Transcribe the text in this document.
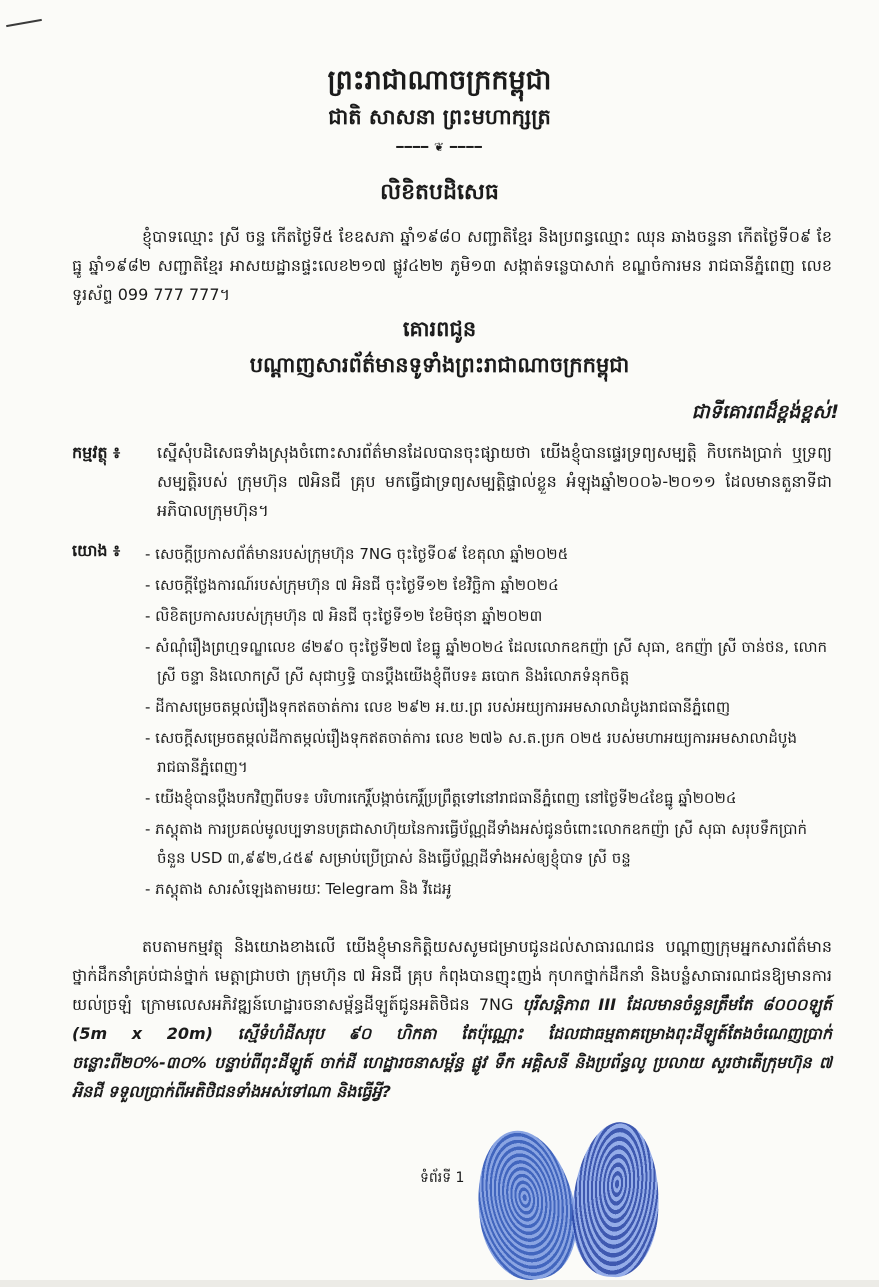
ព្រះរាជាណាចក្រកម្ពុជា
ជាតិ សាសនា ព្រះមហាក្សត្រ
━━━━ ❦ ━━━━
លិខិតបដិសេធ
ខ្ញុំបាទឈ្មោះ ស្រី ចន្ទ កើតថ្ងៃទី៥ ខែឧសភា ឆ្នាំ១៩៨០ សញ្ជាតិខ្មែរ និងប្រពន្ធឈ្មោះ ឈុន ឆាងចន្ទនា កើតថ្ងៃទី០៩ ខែធ្នូ ឆ្នាំ១៩៨២ សញ្ជាតិខ្មែរ អាសយដ្ឋានផ្ទះលេខ២១៧ ផ្លូវ៤២២ ភូមិ១៣ សង្កាត់ទន្លេបាសាក់ ខណ្ឌចំការមន រាជធានីភ្នំពេញ លេខទូរស័ព្ទ 099 777 777។
គោរពជូន
បណ្តាញសារព័ត៌មានទូទាំងព្រះរាជាណាចក្រកម្ពុជា
ជាទីគោរពដ៏ខ្ពង់ខ្ពស់!
កម្មវត្ថុ ៖ ស្នើសុំបដិសេធទាំងស្រុងចំពោះសារព័ត៌មានដែលបានចុះផ្សាយថា យើងខ្ញុំបានផ្ទេរទ្រព្យសម្បត្តិ កិបកេងប្រាក់ ឬទ្រព្យសម្បត្តិរបស់ ក្រុមហ៊ុន ៧អិនជី គ្រុប មកធ្វើជាទ្រព្យសម្បត្តិផ្ទាល់ខ្លួន អំឡុងឆ្នាំ២០០៦-២០១១ ដែលមានតួនាទីជាអភិបាលក្រុមហ៊ុន។
យោង ៖ - សេចក្តីប្រកាសព័ត៌មានរបស់ក្រុមហ៊ុន 7NG ចុះថ្ងៃទី០៩ ខែតុលា ឆ្នាំ២០២៥
- សេចក្តីថ្លែងការណ៍របស់ក្រុមហ៊ុន ៧ អិនជី ចុះថ្ងៃទី១២ ខែវិច្ឆិកា ឆ្នាំ២០២៤
- លិខិតប្រកាសរបស់ក្រុមហ៊ុន ៧ អិនជី ចុះថ្ងៃទី១២ ខែមិថុនា ឆ្នាំ២០២៣
- សំណុំរឿងព្រហ្មទណ្ឌលេខ ៨២៩០ ចុះថ្ងៃទី២៧ ខែធ្នូ ឆ្នាំ២០២៤ ដែលលោកឧកញ៉ា ស្រី សុធា, ឧកញ៉ា ស្រី ចាន់ថន, លោក ស្រី ចន្ទា និងលោកស្រី ស្រី សុជាឫទ្ធិ បានប្តឹងយើងខ្ញុំពីបទ៖ ឆបោក និងរំលោភទំនុកចិត្ត
- ដីកាសម្រេចតម្កល់រឿងទុកឥតចាត់ការ លេខ ២៩២ អ.យ.ព្រ របស់អយ្យការអមសាលាដំបូងរាជធានីភ្នំពេញ
- សេចក្តីសម្រេចតម្កល់ដីកាតម្កល់រឿងទុកឥតចាត់ការ លេខ ២៧៦ ស.ត.ប្រក ០២៥ របស់មហាអយ្យការអមសាលាដំបូងរាជធានីភ្នំពេញ។
- យើងខ្ញុំបានប្តឹងបកវិញពីបទ៖ បរិហារកេរ្តិ៍បង្កាច់កេរ្តិ៍ប្រព្រឹត្តទៅនៅរាជធានីភ្នំពេញ នៅថ្ងៃទី២៤ខែធ្នូ ឆ្នាំ២០២៤
- ភស្តុតាង ការប្រគល់មូលប្បទានបត្រជាសាហ៊ុយនៃការធ្វើប័ណ្ណដីទាំងអស់ជូនចំពោះលោកឧកញ៉ា ស្រី សុធា សរុបទឹកប្រាក់ចំនួន USD ៣,៩៩២,៤៥៩ សម្រាប់ប្រើប្រាស់ និងធ្វើប័ណ្ណដីទាំងអស់ឲ្យខ្ញុំបាទ ស្រី ចន្ទ
- ភស្តុតាង សារសំឡេងតាមរយៈ Telegram និង វីដេអូ
តបតាមកម្មវត្ថុ និងយោងខាងលើ យើងខ្ញុំមានកិត្តិយសសូមជម្រាបជូនដល់សាធារណជន បណ្តាញក្រុមអ្នកសារព័ត៌មាន ថ្នាក់ដឹកនាំគ្រប់ជាន់ថ្នាក់ មេត្តាជ្រាបថា ក្រុមហ៊ុន ៧ អិនជី គ្រុប កំពុងបានញុះញង់ កុហកថ្នាក់ដឹកនាំ និងបន្លំសាធារណជនឱ្យមានការយល់ច្រឡំ ក្រោមលេសអភិវឌ្ឍន៍ហេដ្ឋារចនាសម្ព័ន្ធដីឡូត៍ជូនអតិថិជន 7NG បុរីសន្តិភាព III ដែលមានចំនួនត្រឹមតែ ៨០០០ឡូត៍ (5m x 20m) ស្មើទំហំដីសរុប ៩០ ហិកតា តែប៉ុណ្ណោះ ដែលជាធម្មតាគម្រោងពុះដីឡូត៍តែងចំណេញប្រាក់ ចន្លោះពី២០%-៣០% បន្ទាប់ពីពុះដីឡូត៍ ចាក់ដី ហេដ្ឋារចនាសម្ព័ន្ធ ផ្លូវ ទឹក អគ្គិសនី និងប្រព័ន្ធលូ ប្រលាយ សួរថាតើក្រុមហ៊ុន ៧ អិនជី ទទួលប្រាក់ពីអតិថិជនទាំងអស់ទៅណា និងធ្វើអ្វី?
ទំព័រទី 1
